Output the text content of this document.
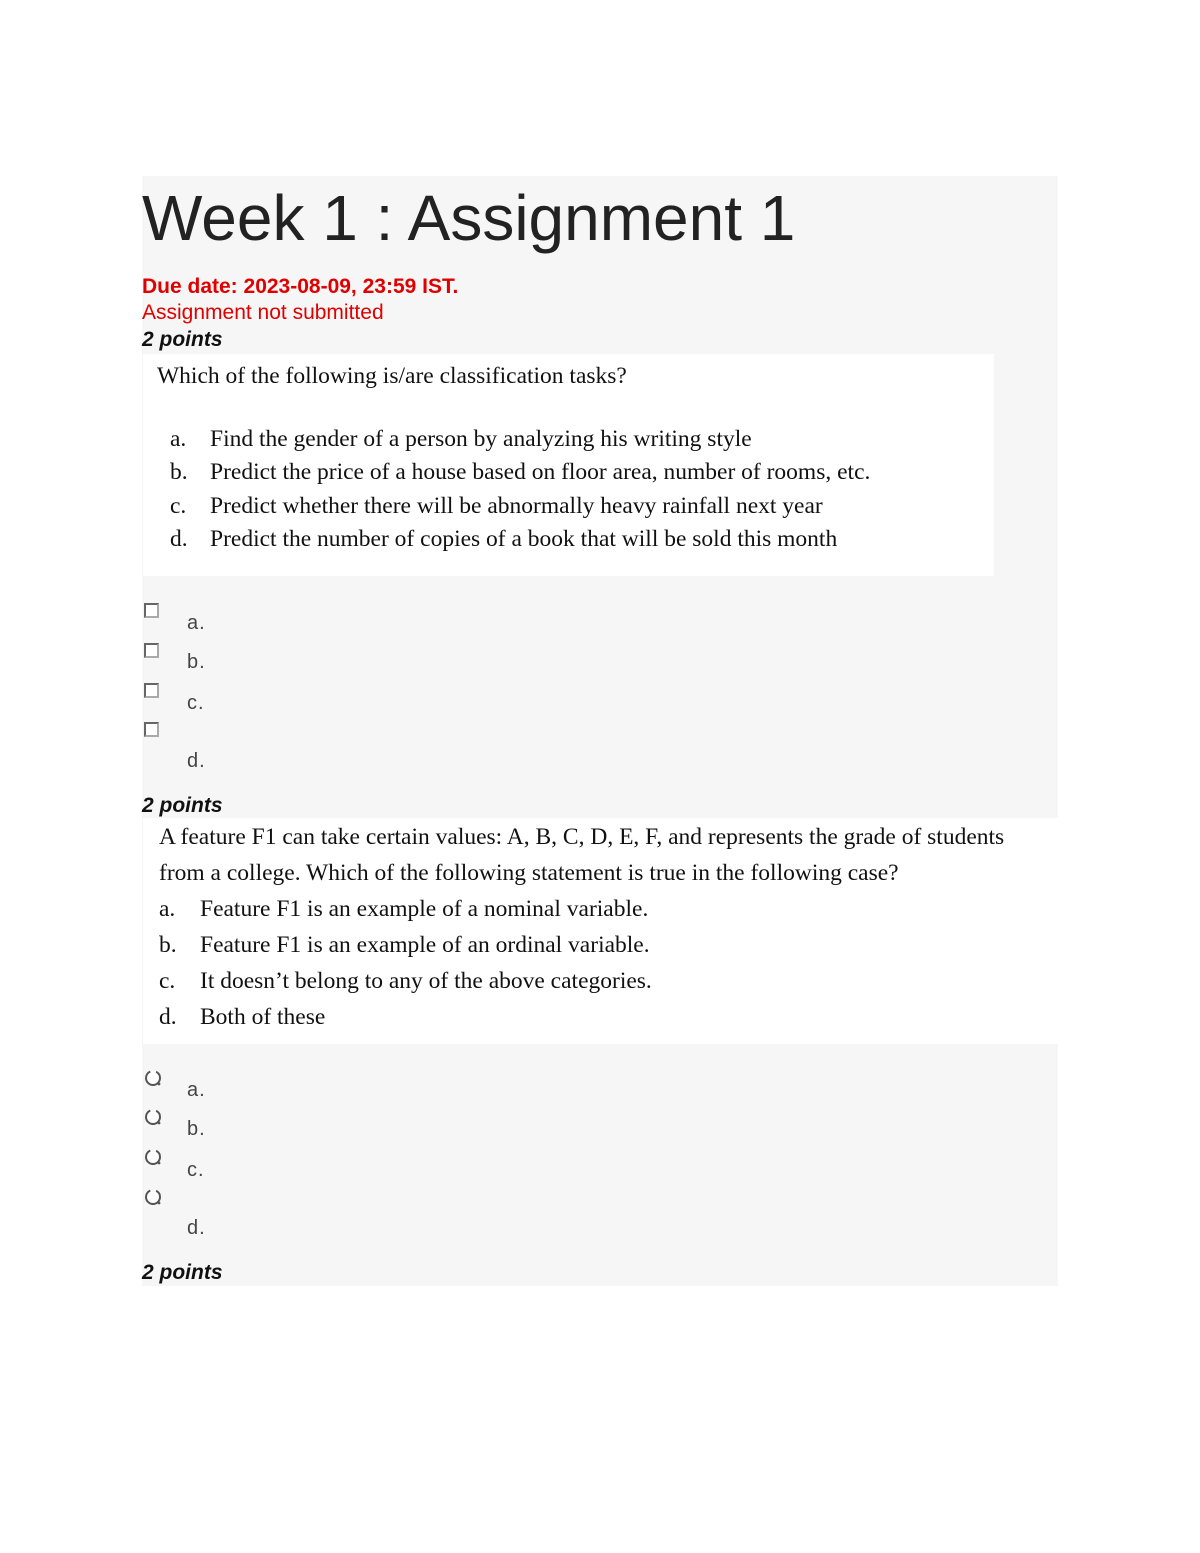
Week 1 : Assignment 1
Due date: 2023-08-09, 23:59 IST.
Assignment not submitted
2 points

Which of the following is/are classification tasks?

a. Find the gender of a person by analyzing his writing style
b. Predict the price of a house based on floor area, number of rooms, etc.
c. Predict whether there will be abnormally heavy rainfall next year
d. Predict the number of copies of a book that will be sold this month
a.
b.
c.
d.
2 points

A feature F1 can take certain values: A, B, C, D, E, F, and represents the grade of students

from a college. Which of the following statement is true in the following case?

a. Feature F1 is an example of a nominal variable.
b. Feature F1 is an example of an ordinal variable.
c. It doesn’t belong to any of the above categories.
d. Both of these
a.
b.
c.
d.
2 points
